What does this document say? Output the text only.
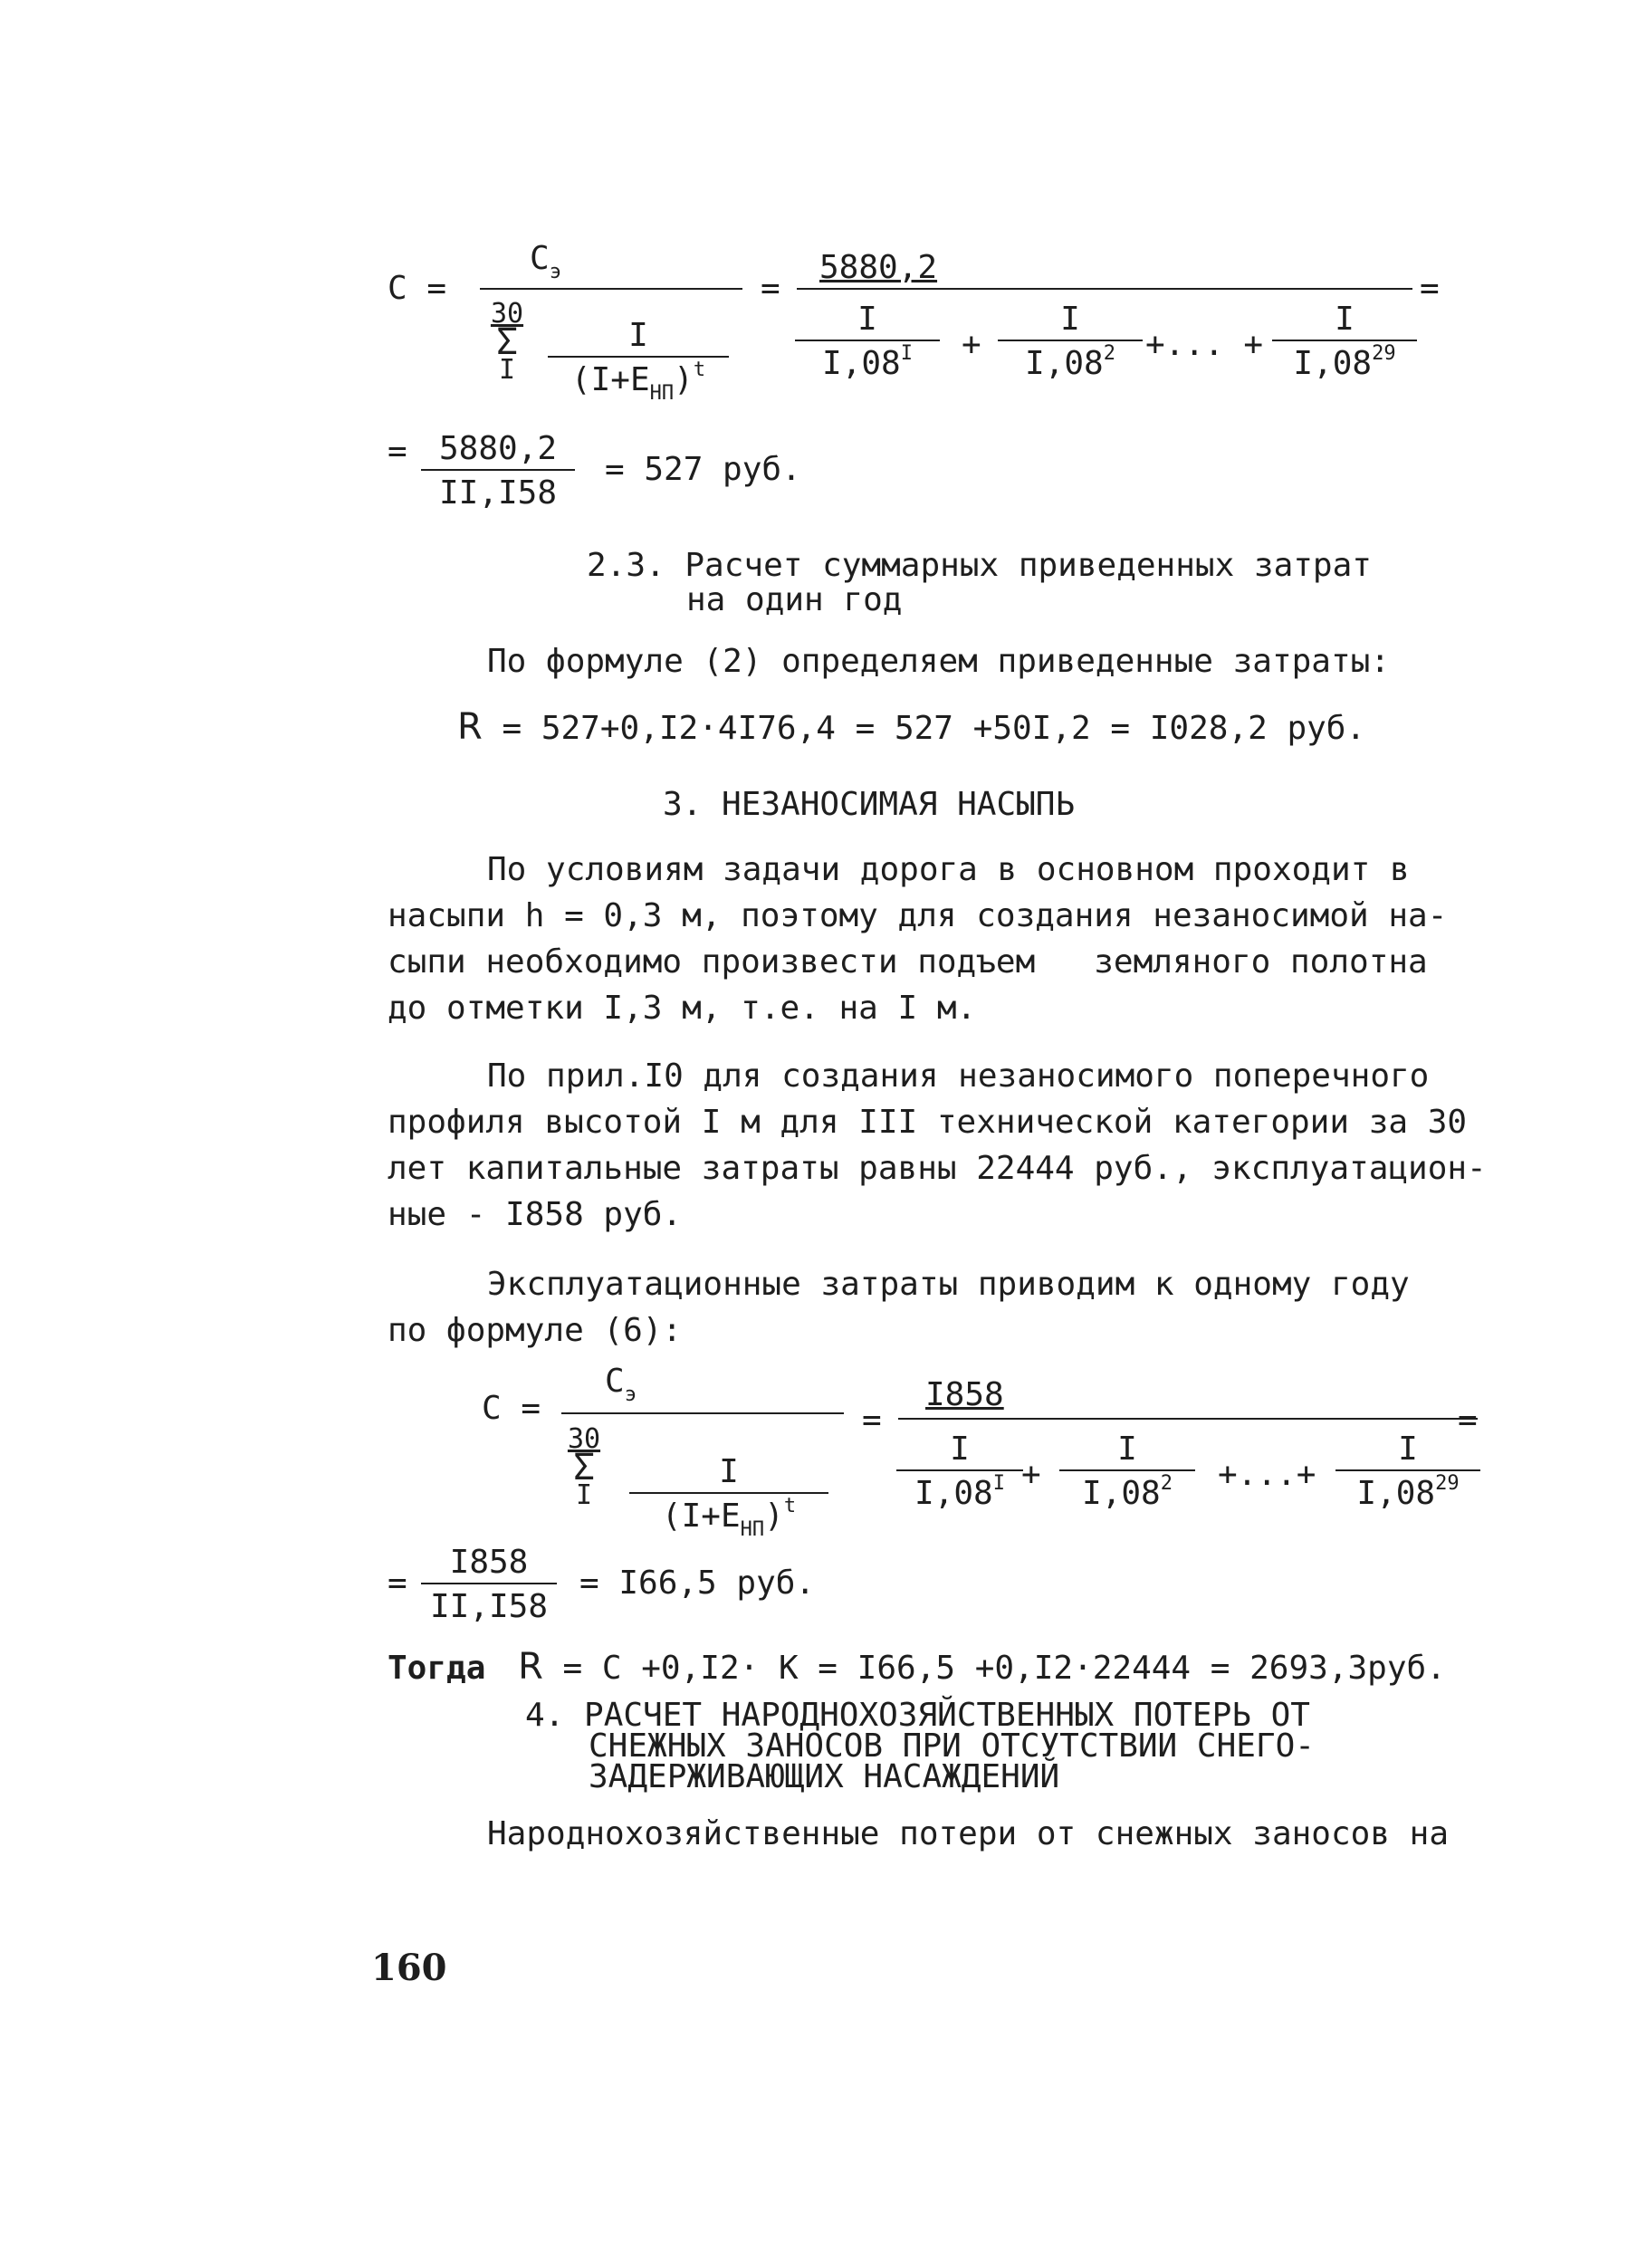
C =
$С_э$
30
Σ
I
I
$(I+E_{НП})^t$
=
5880,2
$\frac{I}{I,08^I} + \frac{I}{I,08^2}$ +... + $\frac{I}{I,08^{29}}$
=
= $\frac{5880,2}{II,I58} = 527$ руб.

2.3. Расчет суммарных приведенных затрат

на один год

По формуле (2) определяем приведенные затраты:
R = 527+0,I2·4I76,4 = 527 +50I,2 = I028,2 руб.
3. НЕЗАНОСИМАЯ НАСЫПЬ

По условиям задачи дорога в основном проходит в

насыпи h = 0,3 м, поэтому для создания незаносимой на-

сыпи необходимо произвести подъем   земляного полотна

до отметки I,3 м, т.е. на I м.

По прил.I0 для создания незаносимого поперечного

профиля высотой I м для III технической категории за 30

лет капитальные затраты равны 22444 руб., эксплуатацион-

ные - I858 руб.

Эксплуатационные затраты приводим к одному году

по формуле (6):

C =
$С_э$
30
Σ
I
I
$(I+E_{НП})^t$
=
I858
$\frac{I}{I,08^I}$
+ $\frac{I}{I,08^2}$ +...+ $\frac{I}{I,08^{29}}$
=
= $\frac{I858}{II,I58} = I66,5$ руб.
Тогда R = C +0,I2· K = I66,5 +0,I2·22444 = 2693,3руб.

4. РАСЧЕТ НАРОДНОХОЗЯЙСТВЕННЫХ ПОТЕРЬ ОТ

СНЕЖНЫХ ЗАНОСОВ ПРИ ОТСУТСТВИИ СНЕГО-

ЗАДЕРЖИВАЮЩИХ НАСАЖДЕНИЙ

Народнохозяйственные потери от снежных заносов на
160
